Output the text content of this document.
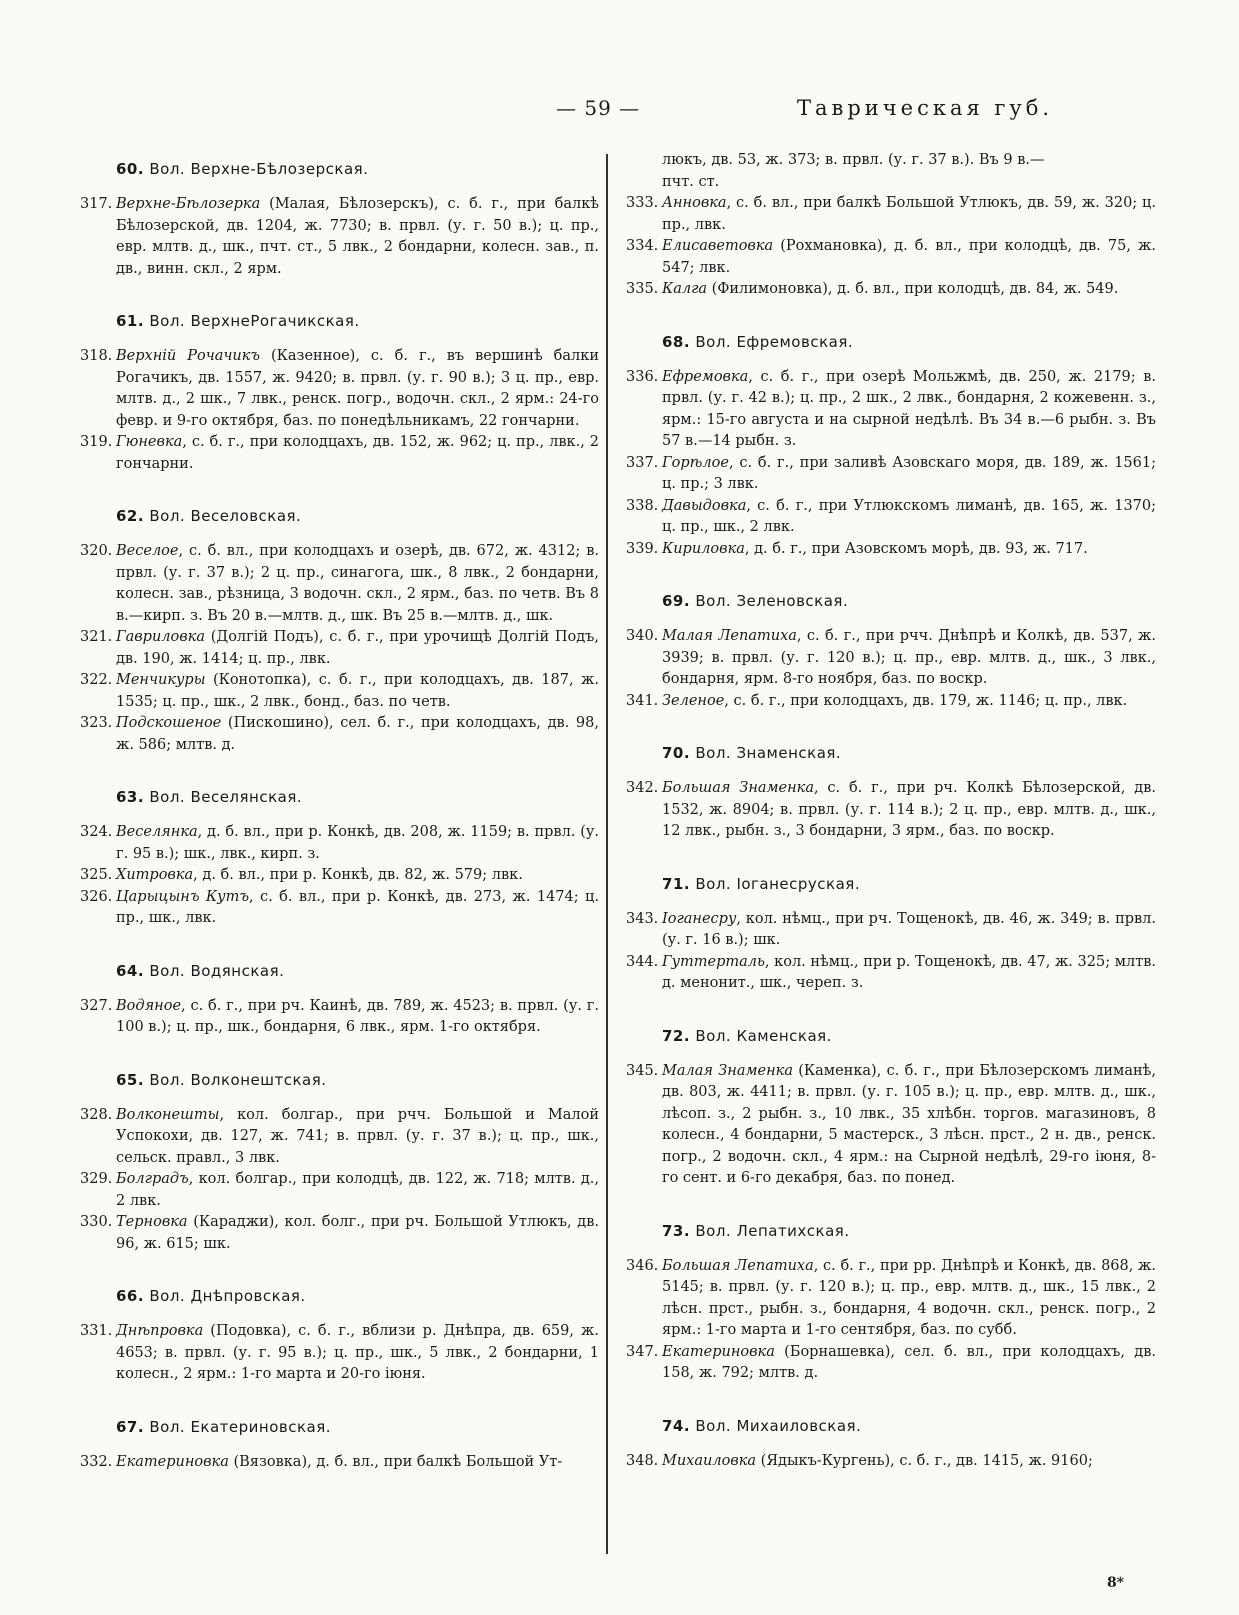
— 59 —	Таврическая губ.
60. Вол. Верхне-Бѣлозерская.

317. Верхне-Бѣлозерка (Малая, Бѣлозерскъ), с. б. г., при балкѣ Бѣлозерской, дв. 1204, ж. 7730; в. првл. (у. г. 50 в.); ц. пр., евр. млтв. д., шк., пчт. ст., 5 лвк., 2 бондарни, колесн. зав., п. дв., винн. скл., 2 ярм.

61. Вол. ВерхнеРогачикская.

318. Верхній Рочачикъ (Казенное), с. б. г., въ вершинѣ балки Рогачикъ, дв. 1557, ж. 9420; в. првл. (у. г. 90 в.); 3 ц. пр., евр. млтв. д., 2 шк., 7 лвк., ренск. погр., водочн. скл., 2 ярм.: 24-го февр. и 9-го октября, баз. по понедѣльникамъ, 22 гончарни.

319. Гюневка, с. б. г., при колодцахъ, дв. 152, ж. 962; ц. пр., лвк., 2 гончарни.

62. Вол. Веселовская.

320. Веселое, с. б. вл., при колодцахъ и озерѣ, дв. 672, ж. 4312; в. првл. (у. г. 37 в.); 2 ц. пр., синагога, шк., 8 лвк., 2 бондарни, колесн. зав., рѣзница, 3 водочн. скл., 2 ярм., баз. по четв. Въ 8 в.—кирп. з. Въ 20 в.—млтв. д., шк. Въ 25 в.—млтв. д., шк.

321. Гавриловка (Долгій Подъ), с. б. г., при урочищѣ Долгій Подъ, дв. 190, ж. 1414; ц. пр., лвк.

322. Менчикуры (Конотопка), с. б. г., при колодцахъ, дв. 187, ж. 1535; ц. пр., шк., 2 лвк., бонд., баз. по четв.

323. Подскошеное (Пискошино), сел. б. г., при колодцахъ, дв. 98, ж. 586; млтв. д.

63. Вол. Веселянская.

324. Веселянка, д. б. вл., при р. Конкѣ, дв. 208, ж. 1159; в. првл. (у. г. 95 в.); шк., лвк., кирп. з.

325. Хитровка, д. б. вл., при р. Конкѣ, дв. 82, ж. 579; лвк.

326. Царыцынъ Кутъ, с. б. вл., при р. Конкѣ, дв. 273, ж. 1474; ц. пр., шк., лвк.

64. Вол. Водянская.

327. Водяное, с. б. г., при рч. Каинѣ, дв. 789, ж. 4523; в. првл. (у. г. 100 в.); ц. пр., шк., бондарня, 6 лвк., ярм. 1-го октября.

65. Вол. Волконештская.

328. Волконешты, кол. болгар., при рчч. Большой и Малой Успокохи, дв. 127, ж. 741; в. првл. (у. г. 37 в.); ц. пр., шк., сельск. правл., 3 лвк.

329. Болградъ, кол. болгар., при колодцѣ, дв. 122, ж. 718; млтв. д., 2 лвк.

330. Терновка (Караджи), кол. болг., при рч. Большой Утлюкъ, дв. 96, ж. 615; шк.

66. Вол. Днѣпровская.

331. Днѣпровка (Подовка), с. б. г., вблизи р. Днѣпра, дв. 659, ж. 4653; в. првл. (у. г. 95 в.); ц. пр., шк., 5 лвк., 2 бондарни, 1 колесн., 2 ярм.: 1-го марта и 20-го іюня.

67. Вол. Екатериновская.

332. Екатериновка (Вязовка), д. б. вл., при балкѣ Большой Ут-

люкъ, дв. 53, ж. 373; в. првл. (у. г. 37 в.). Въ 9 в.—

пчт. ст.

333. Анновка, с. б. вл., при балкѣ Большой Утлюкъ, дв. 59, ж. 320; ц. пр., лвк.

334. Елисаветовка (Рохмановка), д. б. вл., при колодцѣ, дв. 75, ж. 547; лвк.

335. Калга (Филимоновка), д. б. вл., при колодцѣ, дв. 84, ж. 549.

68. Вол. Ефремовская.

336. Ефремовка, с. б. г., при озерѣ Мольжмѣ, дв. 250, ж. 2179; в. првл. (у. г. 42 в.); ц. пр., 2 шк., 2 лвк., бондарня, 2 кожевенн. з., ярм.: 15-го августа и на сырной недѣлѣ. Въ 34 в.—6 рыбн. з. Въ 57 в.—14 рыбн. з.

337. Горѣлое, с. б. г., при заливѣ Азовскаго моря, дв. 189, ж. 1561; ц. пр.; 3 лвк.

338. Давыдовка, с. б. г., при Утлюкскомъ лиманѣ, дв. 165, ж. 1370; ц. пр., шк., 2 лвк.

339. Кириловка, д. б. г., при Азовскомъ морѣ, дв. 93, ж. 717.

69. Вол. Зеленовская.

340. Малая Лепатиха, с. б. г., при рчч. Днѣпрѣ и Колкѣ, дв. 537, ж. 3939; в. првл. (у. г. 120 в.); ц. пр., евр. млтв. д., шк., 3 лвк., бондарня, ярм. 8-го ноября, баз. по воскр.

341. Зеленое, с. б. г., при колодцахъ, дв. 179, ж. 1146; ц. пр., лвк.

70. Вол. Знаменская.

342. Большая Знаменка, с. б. г., при рч. Колкѣ Бѣлозерской, дв. 1532, ж. 8904; в. првл. (у. г. 114 в.); 2 ц. пр., евр. млтв. д., шк., 12 лвк., рыбн. з., 3 бондарни, 3 ярм., баз. по воскр.

71. Вол. Іоганесруская.

343. Іоганесру, кол. нѣмц., при рч. Тощенокѣ, дв. 46, ж. 349; в. првл. (у. г. 16 в.); шк.

344. Гуттерталь, кол. нѣмц., при р. Тощенокѣ, дв. 47, ж. 325; млтв. д. менонит., шк., череп. з.

72. Вол. Каменская.

345. Малая Знаменка (Каменка), с. б. г., при Бѣлозерскомъ лиманѣ, дв. 803, ж. 4411; в. првл. (у. г. 105 в.); ц. пр., евр. млтв. д., шк., лѣсоп. з., 2 рыбн. з., 10 лвк., 35 хлѣбн. торгов. магазиновъ, 8 колесн., 4 бондарни, 5 мастерск., 3 лѣсн. прст., 2 н. дв., ренск. погр., 2 водочн. скл., 4 ярм.: на Сырной недѣлѣ, 29-го іюня, 8-го сент. и 6-го декабря, баз. по понед.

73. Вол. Лепатихская.

346. Большая Лепатиха, с. б. г., при рр. Днѣпрѣ и Конкѣ, дв. 868, ж. 5145; в. првл. (у. г. 120 в.); ц. пр., евр. млтв. д., шк., 15 лвк., 2 лѣсн. прст., рыбн. з., бондарня, 4 водочн. скл., ренск. погр., 2 ярм.: 1-го марта и 1-го сентября, баз. по субб.

347. Екатериновка (Борнашевка), сел. б. вл., при колодцахъ, дв. 158, ж. 792; млтв. д.

74. Вол. Михаиловская.

348. Михаиловка (Ядыкъ-Кургень), с. б. г., дв. 1415, ж. 9160;

8*
